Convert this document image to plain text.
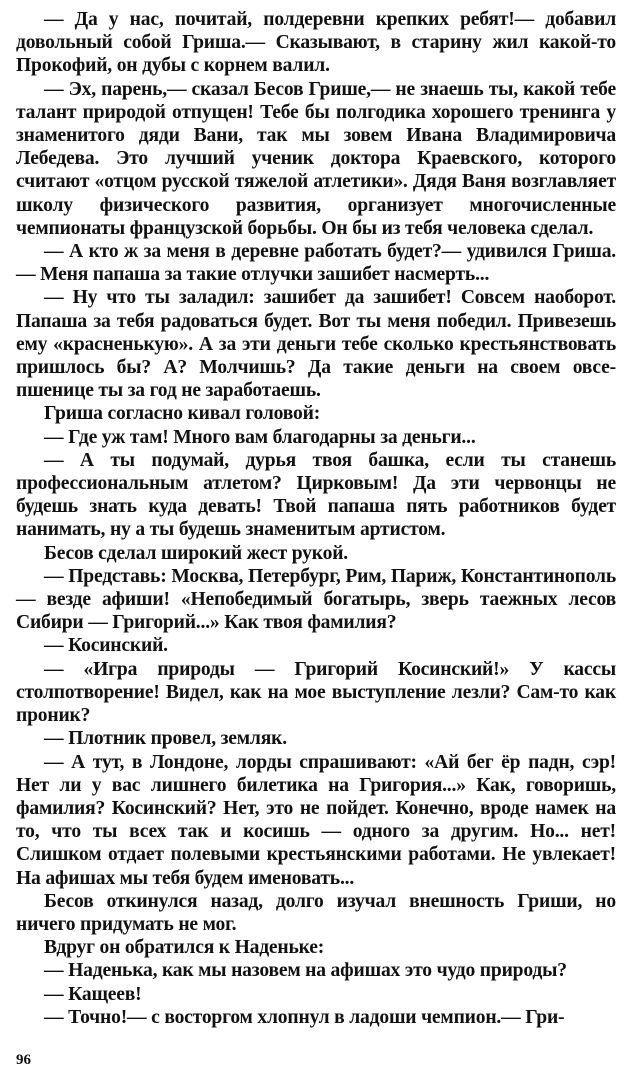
— Да у нас, почитай, полдеревни крепких ребят!— добавил довольный собой Гриша.— Сказывают, в старину жил какой-то Прокофий, он дубы с корнем валил.

— Эх, парень,— сказал Бесов Грише,— не знаешь ты, какой тебе талант природой отпущен! Тебе бы полгодика хорошего тренинга у знаменитого дяди Вани, так мы зовем Ивана Владимировича Лебедева. Это лучший ученик доктора Краевского, которого считают «отцом русской тяжелой атлетики». Дядя Ваня возглавляет школу физического развития, организует многочисленные чемпионаты французской борьбы. Он бы из тебя человека сделал.

— А кто ж за меня в деревне работать будет?— удивился Гриша.— Меня папаша за такие отлучки зашибет насмерть...

— Ну что ты заладил: зашибет да зашибет! Совсем наоборот. Папаша за тебя радоваться будет. Вот ты меня победил. Привезешь ему «красненькую». А за эти деньги тебе сколько крестьянствовать пришлось бы? А? Молчишь? Да такие деньги на своем овсе-пшенице ты за год не заработаешь.

Гриша согласно кивал головой:

— Где уж там! Много вам благодарны за деньги...

— А ты подумай, дурья твоя башка, если ты станешь профессиональным атлетом? Цирковым! Да эти червонцы не будешь знать куда девать! Твой папаша пять работников будет нанимать, ну а ты будешь знаменитым артистом.

Бесов сделал широкий жест рукой.

— Представь: Москва, Петербург, Рим, Париж, Константинополь — везде афиши! «Непобедимый богатырь, зверь таежных лесов Сибири — Григорий...» Как твоя фамилия?

— Косинский.

— «Игра природы — Григорий Косинский!» У кассы столпотворение! Видел, как на мое выступление лезли? Сам-то как проник?

— Плотник провел, земляк.

— А тут, в Лондоне, лорды спрашивают: «Ай бег ёр падн, сэр! Нет ли у вас лишнего билетика на Григория...» Как, говоришь, фамилия? Косинский? Нет, это не пойдет. Конечно, вроде намек на то, что ты всех так и косишь — одного за другим. Но... нет! Слишком отдает полевыми крестьянскими работами. Не увлекает! На афишах мы тебя будем именовать...

Бесов откинулся назад, долго изучал внешность Гриши, но ничего придумать не мог.

Вдруг он обратился к Наденьке:

— Наденька, как мы назовем на афишах это чудо природы?

— Кащеев!

— Точно!— с восторгом хлопнул в ладоши чемпион.— Гри-

96
